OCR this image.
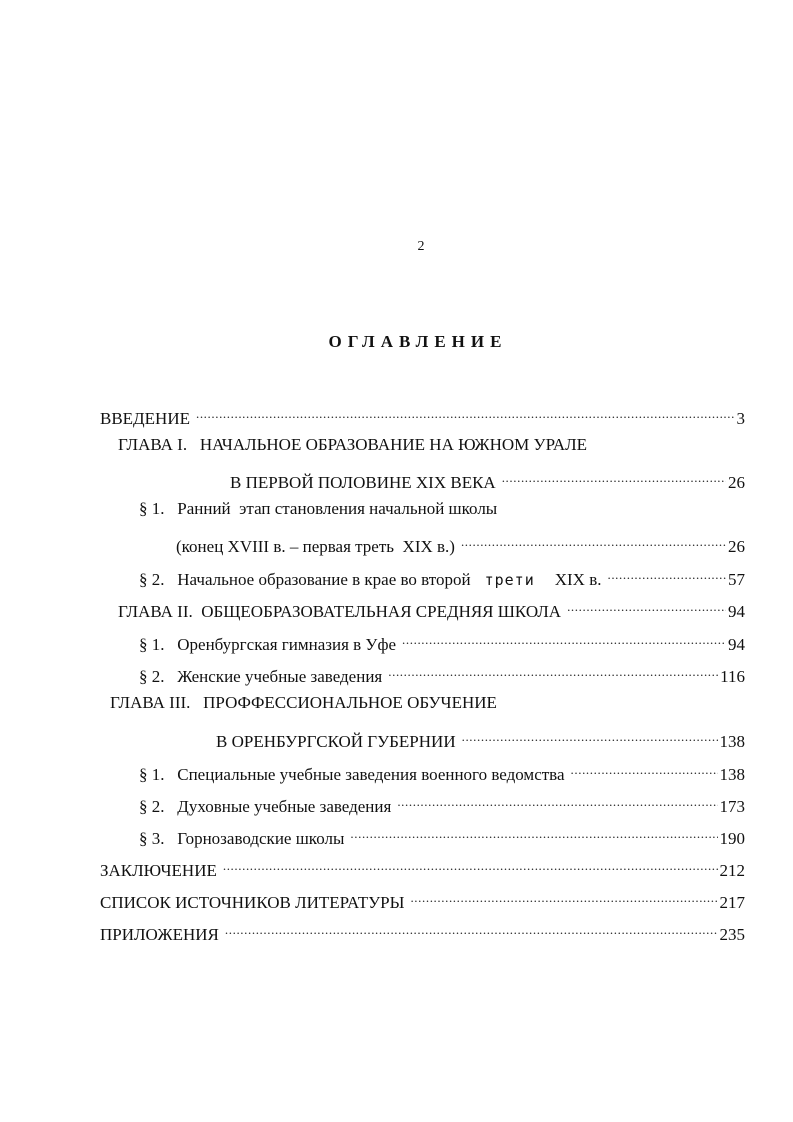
2
ОГЛАВЛЕНИЕ
ВВЕДЕНИЕ .....	3
ГЛАВА I.   НАЧАЛЬНОЕ ОБРАЗОВАНИЕ НА ЮЖНОМ УРАЛЕ
В ПЕРВОЙ ПОЛОВИНЕ XIX ВЕКА .....	26
§ 1.   Ранний  этап становления начальной школы
(конец XVIII в. – первая треть  XIX в.) .....	26
§ 2.   Начальное образование в крае во второй трети XIX в. .....	57
ГЛАВА II.  ОБЩЕОБРАЗОВАТЕЛЬНАЯ СРЕДНЯЯ ШКОЛА .....	94
§ 1.   Оренбургская гимназия в Уфе .....	94
§ 2.   Женские учебные заведения .....	116
ГЛАВА III.   ПРОФФЕССИОНАЛЬНОЕ ОБУЧЕНИЕ
В ОРЕНБУРГСКОЙ ГУБЕРНИИ .....	138
§ 1.   Специальные учебные заведения военного ведомства .....	138
§ 2.   Духовные учебные заведения .....	173
§ 3.   Горнозаводские школы .....	190
ЗАКЛЮЧЕНИЕ .....	212
СПИСОК ИСТОЧНИКОВ ЛИТЕРАТУРЫ .....	217
ПРИЛОЖЕНИЯ .....	235
